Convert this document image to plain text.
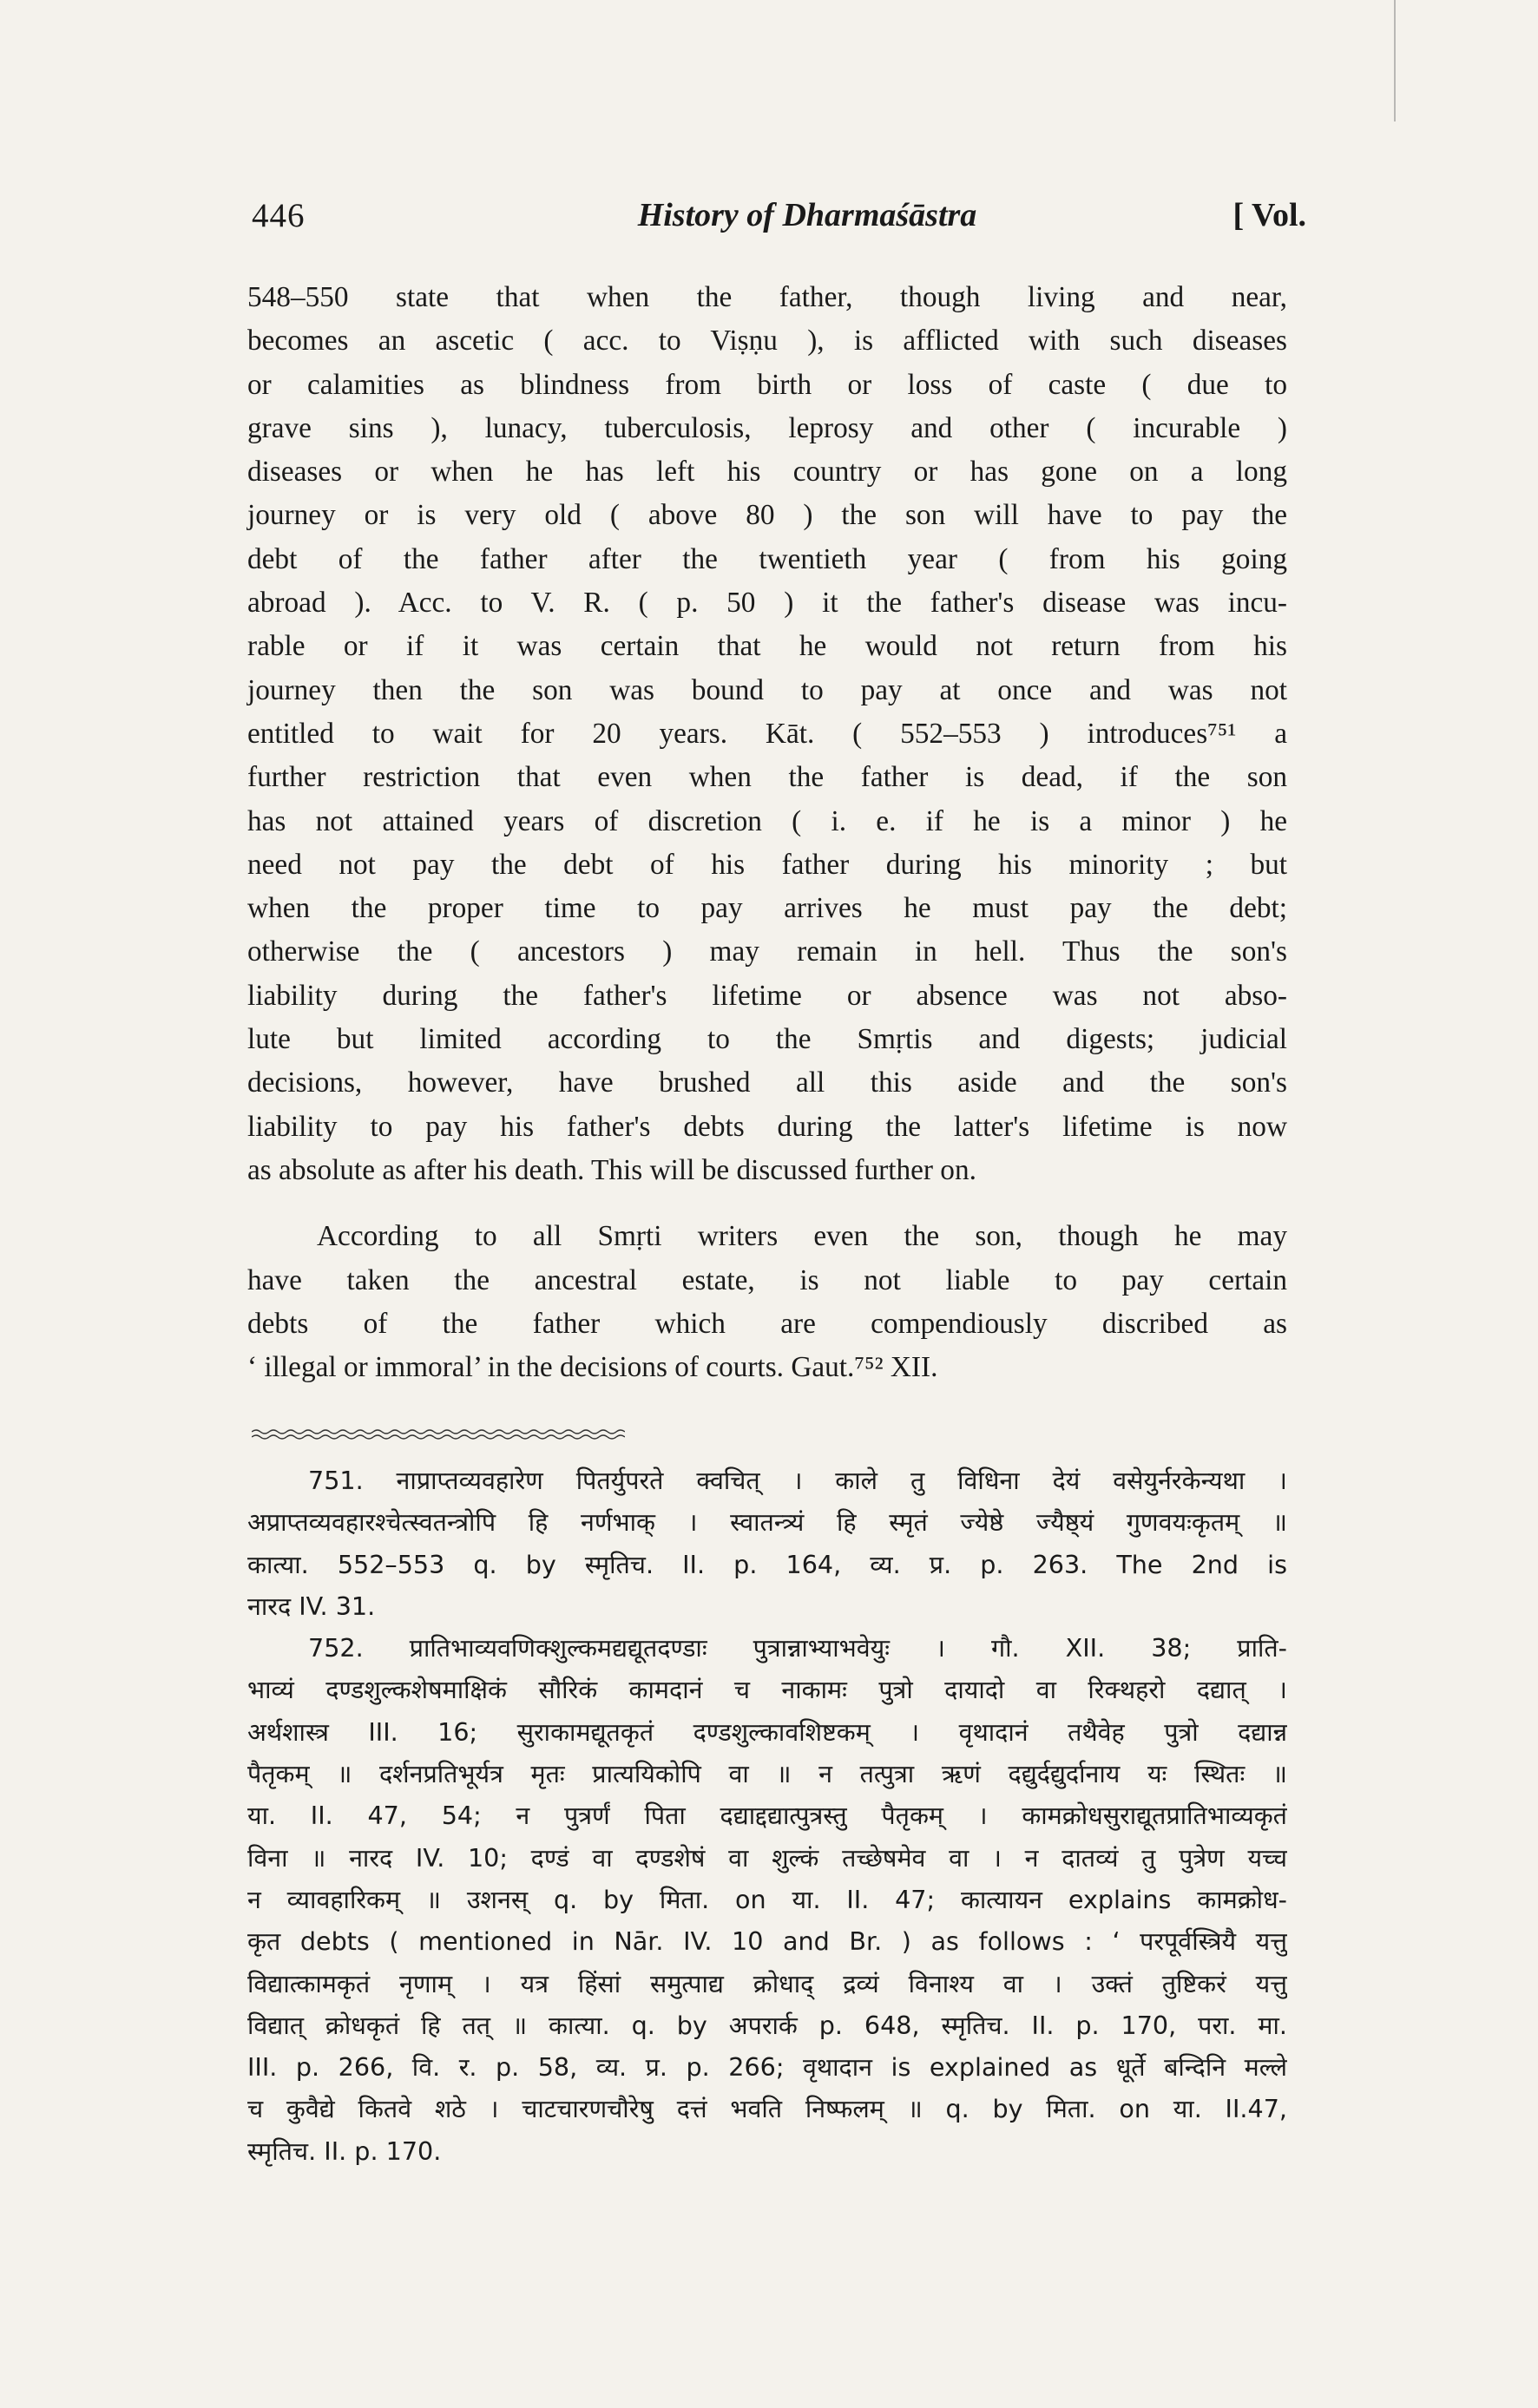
446	History of Dharmaśāstra	[ Vol.
548–550 state that when the father, though living and near,
becomes an ascetic ( acc. to Viṣṇu ), is afflicted with such diseases
or calamities as blindness from birth or loss of caste ( due to
grave sins ), lunacy, tuberculosis, leprosy and other ( incurable )
diseases or when he has left his country or has gone on a long
journey or is very old ( above 80 ) the son will have to pay the
debt of the father after the twentieth year ( from his going
abroad ). Acc. to V. R. ( p. 50 ) it the father's disease was incu-
rable or if it was certain that he would not return from his
journey then the son was bound to pay at once and was not
entitled to wait for 20 years. Kāt. ( 552–553 ) introduces⁷⁵¹ a
further restriction that even when the father is dead, if the son
has not attained years of discretion ( i. e. if he is a minor ) he
need not pay the debt of his father during his minority ; but
when the proper time to pay arrives he must pay the debt;
otherwise the ( ancestors ) may remain in hell. Thus the son's
liability during the father's lifetime or absence was not abso-
lute but limited according to the Smṛtis and digests; judicial
decisions, however, have brushed all this aside and the son's
liability to pay his father's debts during the latter's lifetime is now
as absolute as after his death. This will be discussed further on.
According to all Smṛti writers even the son, though he may
have taken the ancestral estate, is not liable to pay certain
debts of the father which are compendiously discribed as
‘ illegal or immoral’ in the decisions of courts. Gaut.⁷⁵² XII.
751. नाप्राप्तव्यवहारेण पितर्युपरते क्वचित् । काले तु विधिना देयं वसेयुर्नरकेन्यथा ।
अप्राप्तव्यवहारश्चेत्स्वतन्त्रोपि हि नर्णभाक् । स्वातन्त्र्यं हि स्मृतं ज्येष्ठे ज्यैष्ठ्यं गुणवयःकृतम् ॥
कात्या. 552–553 q. by स्मृतिच. II. p. 164, व्य. प्र. p. 263. The 2nd is
नारद IV. 31.
752. प्रातिभाव्यवणिक्शुल्कमद्यद्यूतदण्डाः पुत्रान्नाभ्याभवेयुः । गौ. XII. 38; प्राति-
भाव्यं दण्डशुल्कशेषमाक्षिकं सौरिकं कामदानं च नाकामः पुत्रो दायादो वा रिक्थहरो दद्यात् ।
अर्थशास्त्र III. 16; सुराकामद्यूतकृतं दण्डशुल्कावशिष्टकम् । वृथादानं तथैवेह पुत्रो दद्यान्न
पैतृकम् ॥ दर्शनप्रतिभूर्यत्र मृतः प्रात्ययिकोपि वा ॥ न तत्पुत्रा ऋणं दद्युर्दद्युर्दानाय यः स्थितः ॥
या. II. 47, 54; न पुत्रर्णं पिता दद्याद्दद्यात्पुत्रस्तु पैतृकम् । कामक्रोधसुराद्यूतप्रातिभाव्यकृतं
विना ॥ नारद IV. 10; दण्डं वा दण्डशेषं वा शुल्कं तच्छेषमेव वा । न दातव्यं तु पुत्रेण यच्च
न व्यावहारिकम् ॥ उशनस् q. by मिता. on या. II. 47; कात्यायन explains कामक्रोध-
कृत debts ( mentioned in Nār. IV. 10 and Br. ) as follows : ‘ परपूर्वस्त्रियै यत्तु
विद्यात्कामकृतं नृणाम् । यत्र हिंसां समुत्पाद्य क्रोधाद् द्रव्यं विनाश्य वा । उक्तं तुष्टिकरं यत्तु
विद्यात् क्रोधकृतं हि तत् ॥ कात्या. q. by अपरार्क p. 648, स्मृतिच. II. p. 170, परा. मा.
III. p. 266, वि. र. p. 58, व्य. प्र. p. 266; वृथादान is explained as धूर्ते बन्दिनि मल्ले
च कुवैद्ये कितवे शठे । चाटचारणचौरेषु दत्तं भवति निष्फलम् ॥ q. by मिता. on या. II.47,
स्मृतिच. II. p. 170.
